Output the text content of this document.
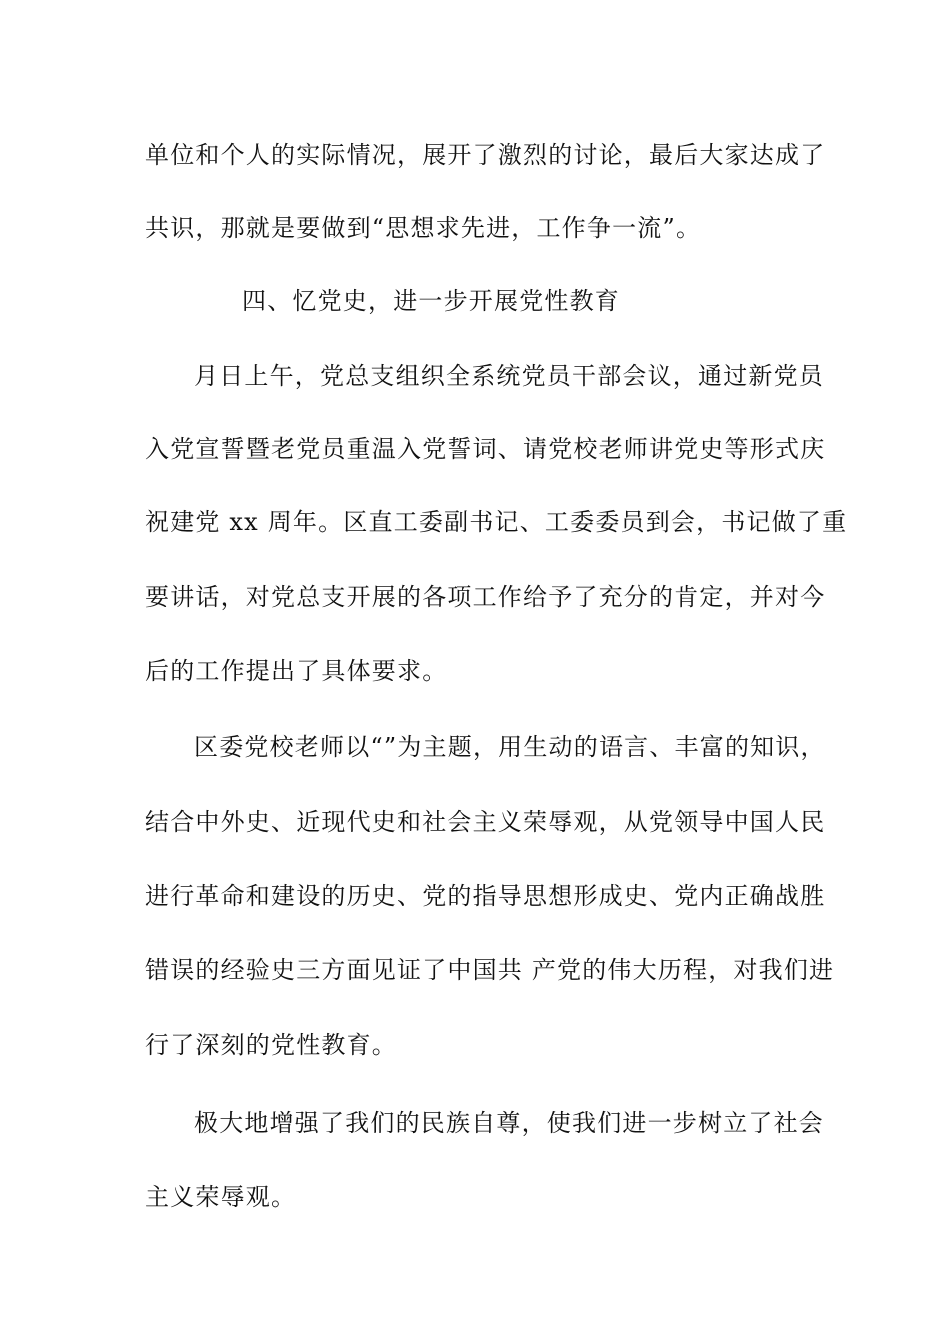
单位和个人的实际情况，展开了激烈的讨论，最后大家达成了
共识，那就是要做到“思想求先进，工作争一流”。
四、忆党史，进一步开展党性教育
月日上午，党总支组织全系统党员干部会议，通过新党员
入党宣誓暨老党员重温入党誓词、请党校老师讲党史等形式庆
祝建党 xx 周年。区直工委副书记、工委委员到会，书记做了重
要讲话，对党总支开展的各项工作给予了充分的肯定，并对今
后的工作提出了具体要求。
区委党校老师以“”为主题，用生动的语言、丰富的知识，
结合中外史、近现代史和社会主义荣辱观，从党领导中国人民
进行革命和建设的历史、党的指导思想形成史、党内正确战胜
错误的经验史三方面见证了中国共 产党的伟大历程，对我们进
行了深刻的党性教育。
极大地增强了我们的民族自尊，使我们进一步树立了社会
主义荣辱观。
